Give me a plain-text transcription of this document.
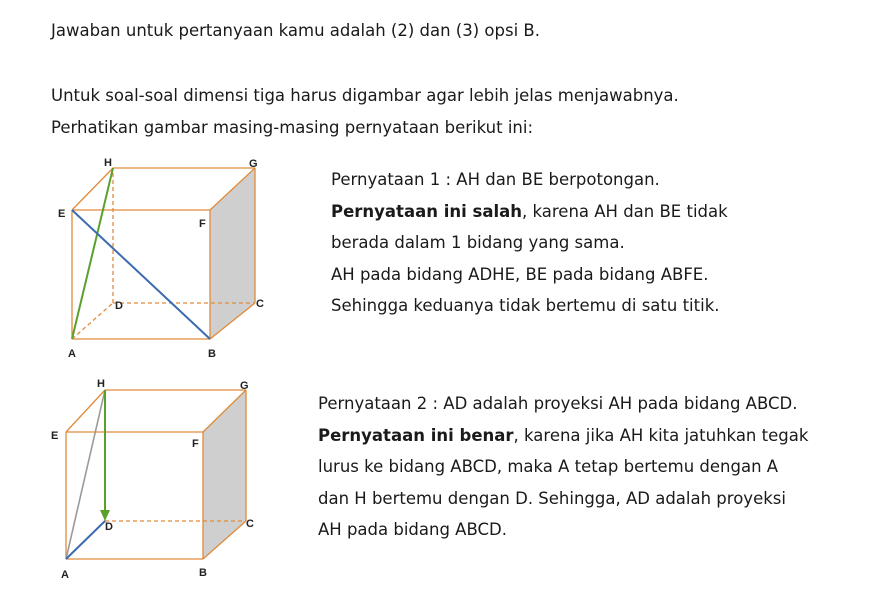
Jawaban untuk pertanyaan kamu adalah (2) dan (3) opsi B.
Untuk soal-soal dimensi tiga harus digambar agar lebih jelas menjawabnya.
Perhatikan gambar masing-masing pernyataan berikut ini:
H	G
E
F
D	C
A	B
Pernyataan 1 : AH dan BE berpotongan.
Pernyataan ini salah, karena AH dan BE tidak
berada dalam 1 bidang yang sama.
AH pada bidang ADHE, BE pada bidang ABFE.
Sehingga keduanya tidak bertemu di satu titik.
H	G
E
F
D	C
A	B
Pernyataan 2 : AD adalah proyeksi AH pada bidang ABCD.
Pernyataan ini benar, karena jika AH kita jatuhkan tegak
lurus ke bidang ABCD, maka A tetap bertemu dengan A
dan H bertemu dengan D. Sehingga, AD adalah proyeksi
AH pada bidang ABCD.
